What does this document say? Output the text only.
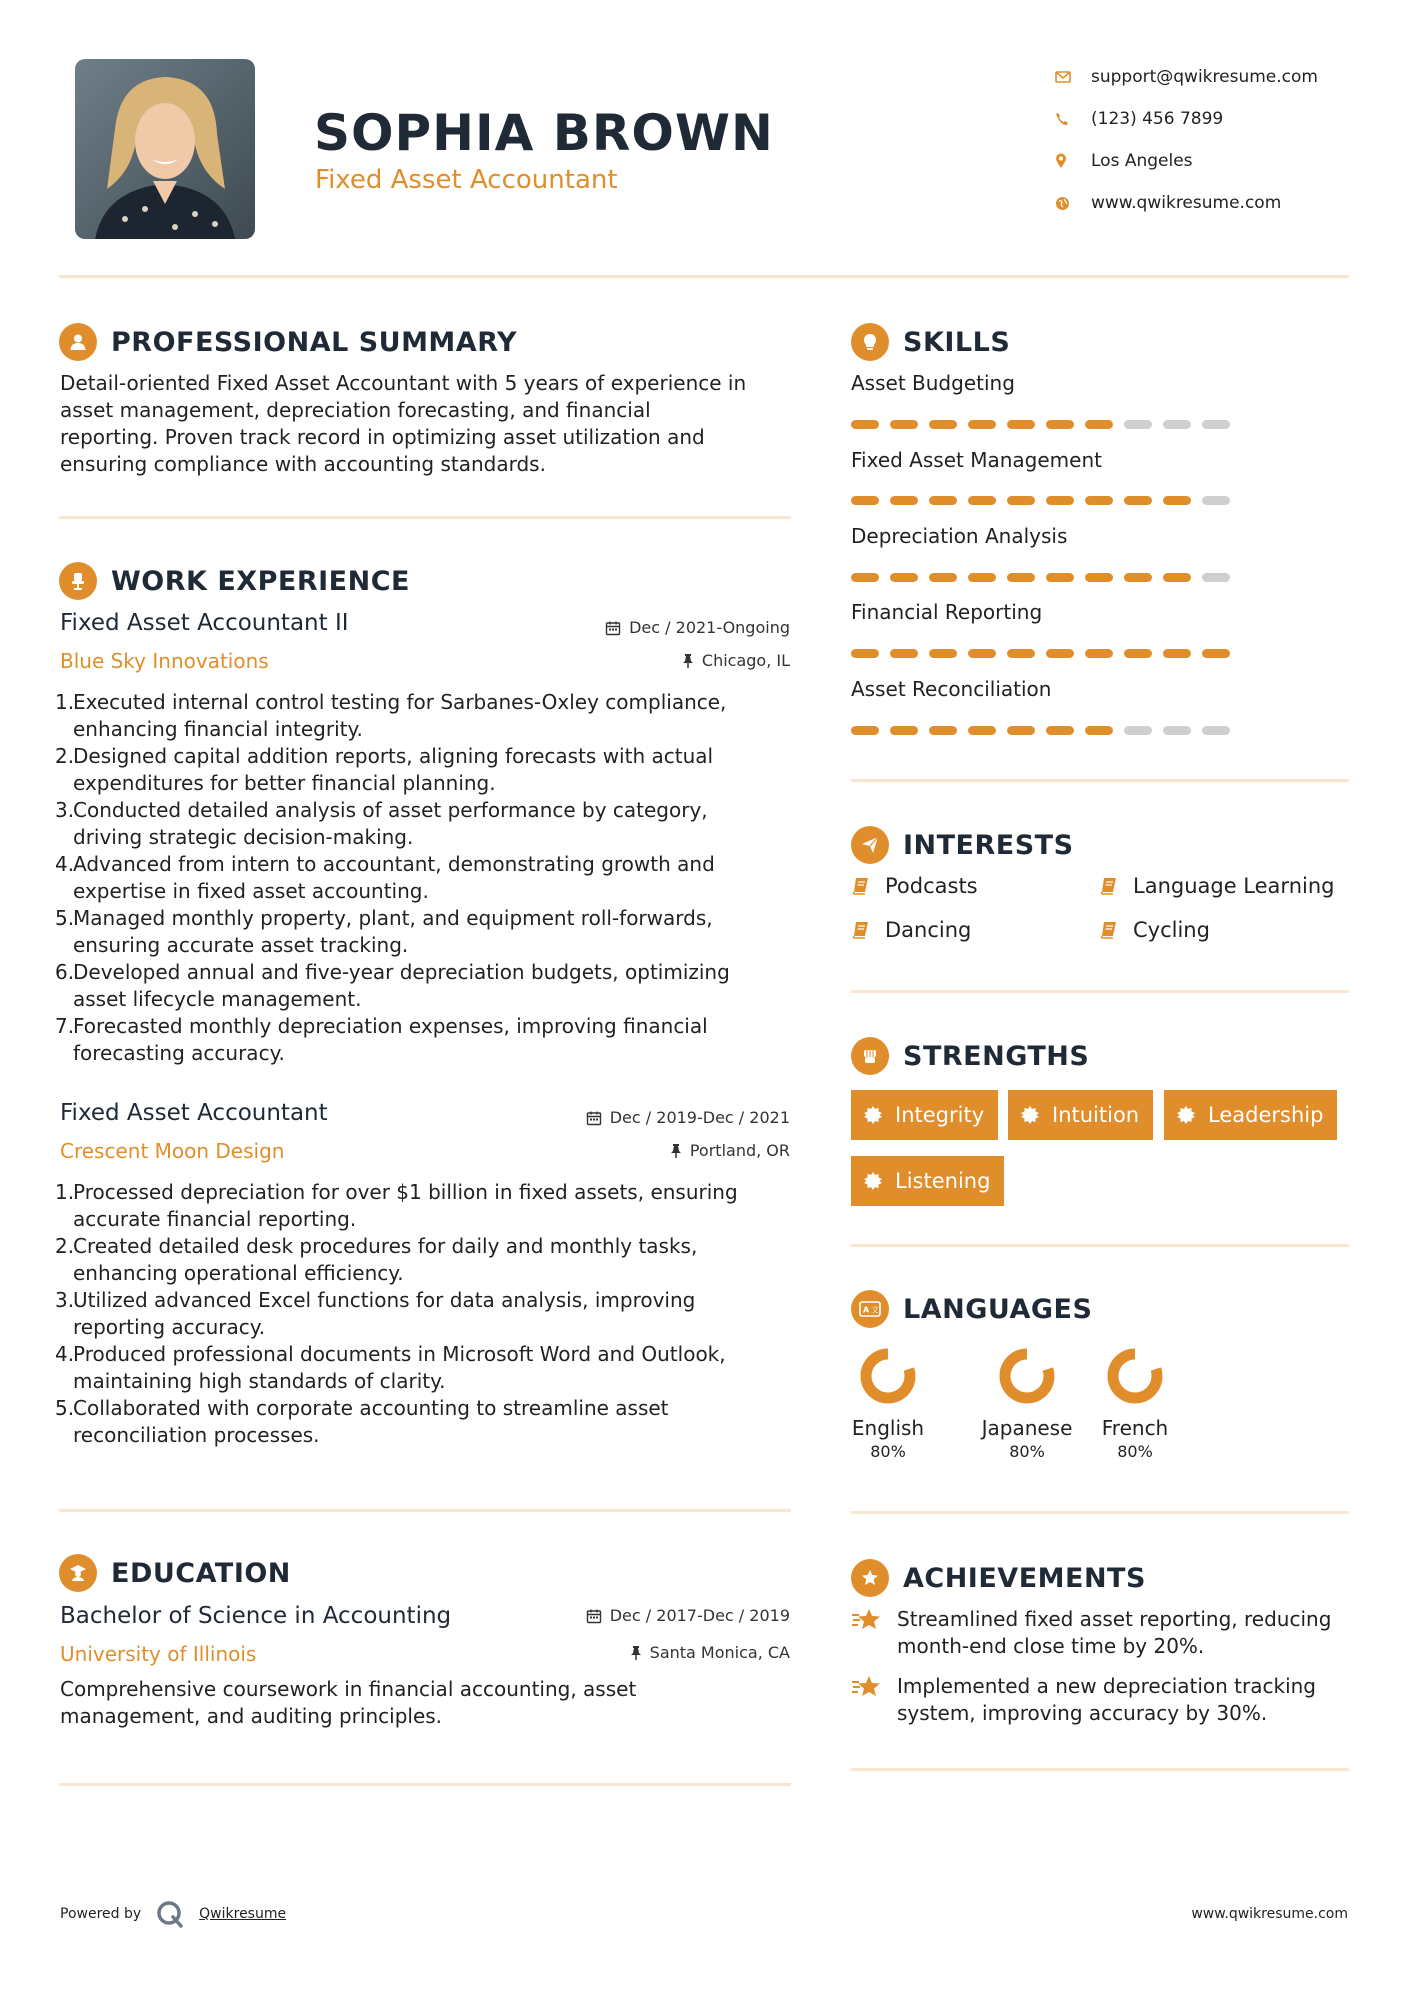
SOPHIA BROWN
Fixed Asset Accountant
support@qwikresume.com
(123) 456 7899
Los Angeles
www.qwikresume.com
PROFESSIONAL SUMMARY
Detail-oriented Fixed Asset Accountant with 5 years of experience in
asset management, depreciation forecasting, and financial
reporting. Proven track record in optimizing asset utilization and
ensuring compliance with accounting standards.
WORK EXPERIENCE
Fixed Asset Accountant II
Blue Sky Innovations
Dec / 2021-Ongoing
Chicago, IL
1.
Executed internal control testing for Sarbanes-Oxley compliance,
enhancing financial integrity.
2.
Designed capital addition reports, aligning forecasts with actual
expenditures for better financial planning.
3.
Conducted detailed analysis of asset performance by category,
driving strategic decision-making.
4.
Advanced from intern to accountant, demonstrating growth and
expertise in fixed asset accounting.
5.
Managed monthly property, plant, and equipment roll-forwards,
ensuring accurate asset tracking.
6.
Developed annual and five-year depreciation budgets, optimizing
asset lifecycle management.
7.
Forecasted monthly depreciation expenses, improving financial
forecasting accuracy.
Fixed Asset Accountant
Crescent Moon Design
Dec / 2019-Dec / 2021
Portland, OR
1.
Processed depreciation for over $1 billion in fixed assets, ensuring
accurate financial reporting.
2.
Created detailed desk procedures for daily and monthly tasks,
enhancing operational efficiency.
3.
Utilized advanced Excel functions for data analysis, improving
reporting accuracy.
4.
Produced professional documents in Microsoft Word and Outlook,
maintaining high standards of clarity.
5.
Collaborated with corporate accounting to streamline asset
reconciliation processes.
EDUCATION
Bachelor of Science in Accounting
University of Illinois
Dec / 2017-Dec / 2019
Santa Monica, CA
Comprehensive coursework in financial accounting, asset
management, and auditing principles.
SKILLS
Asset Budgeting
Fixed Asset Management
Depreciation Analysis
Financial Reporting
Asset Reconciliation
INTERESTS
Podcasts	Language Learning
Dancing	Cycling
STRENGTHS
Integrity	Intuition	Leadership
Listening
A 文 LANGUAGES
English
80%
Japanese
80%
French
80%
ACHIEVEMENTS
Streamlined fixed asset reporting, reducing
month-end close time by 20%.
Implemented a new depreciation tracking
system, improving accuracy by 30%.
Powered by	Qwikresume	www.qwikresume.com
